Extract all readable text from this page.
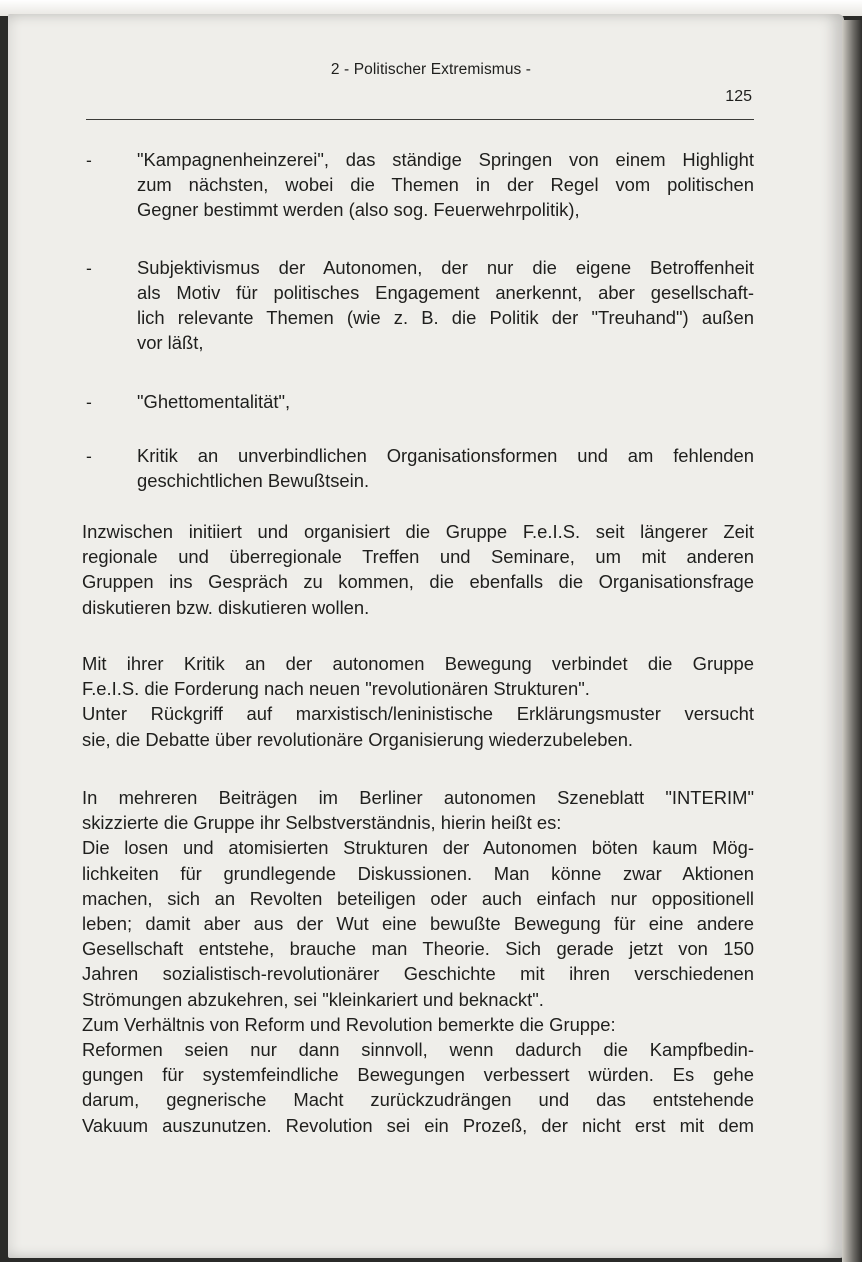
2 - Politischer Extremismus -
125
- "Kampagnenheinzerei", das ständige Springen von einem Highlight
zum nächsten, wobei die Themen in der Regel vom politischen
Gegner bestimmt werden (also sog. Feuerwehrpolitik),
- Subjektivismus der Autonomen, der nur die eigene Betroffenheit
als Motiv für politisches Engagement anerkennt, aber gesellschaft-
lich relevante Themen (wie z. B. die Politik der "Treuhand") außen
vor läßt,
- "Ghettomentalität",
- Kritik an unverbindlichen Organisationsformen und am fehlenden
geschichtlichen Bewußtsein.
Inzwischen initiiert und organisiert die Gruppe F.e.I.S. seit längerer Zeit
regionale und überregionale Treffen und Seminare, um mit anderen
Gruppen ins Gespräch zu kommen, die ebenfalls die Organisationsfrage
diskutieren bzw. diskutieren wollen.
Mit ihrer Kritik an der autonomen Bewegung verbindet die Gruppe
F.e.I.S. die Forderung nach neuen "revolutionären Strukturen".
Unter Rückgriff auf marxistisch/leninistische Erklärungsmuster versucht
sie, die Debatte über revolutionäre Organisierung wiederzubeleben.
In mehreren Beiträgen im Berliner autonomen Szeneblatt "INTERIM"
skizzierte die Gruppe ihr Selbstverständnis, hierin heißt es:
Die losen und atomisierten Strukturen der Autonomen böten kaum Mög-
lichkeiten für grundlegende Diskussionen. Man könne zwar Aktionen
machen, sich an Revolten beteiligen oder auch einfach nur oppositionell
leben; damit aber aus der Wut eine bewußte Bewegung für eine andere
Gesellschaft entstehe, brauche man Theorie. Sich gerade jetzt von 150
Jahren sozialistisch-revolutionärer Geschichte mit ihren verschiedenen
Strömungen abzukehren, sei "kleinkariert und beknackt".
Zum Verhältnis von Reform und Revolution bemerkte die Gruppe:
Reformen seien nur dann sinnvoll, wenn dadurch die Kampfbedin-
gungen für systemfeindliche Bewegungen verbessert würden. Es gehe
darum, gegnerische Macht zurückzudrängen und das entstehende
Vakuum auszunutzen. Revolution sei ein Prozeß, der nicht erst mit dem
